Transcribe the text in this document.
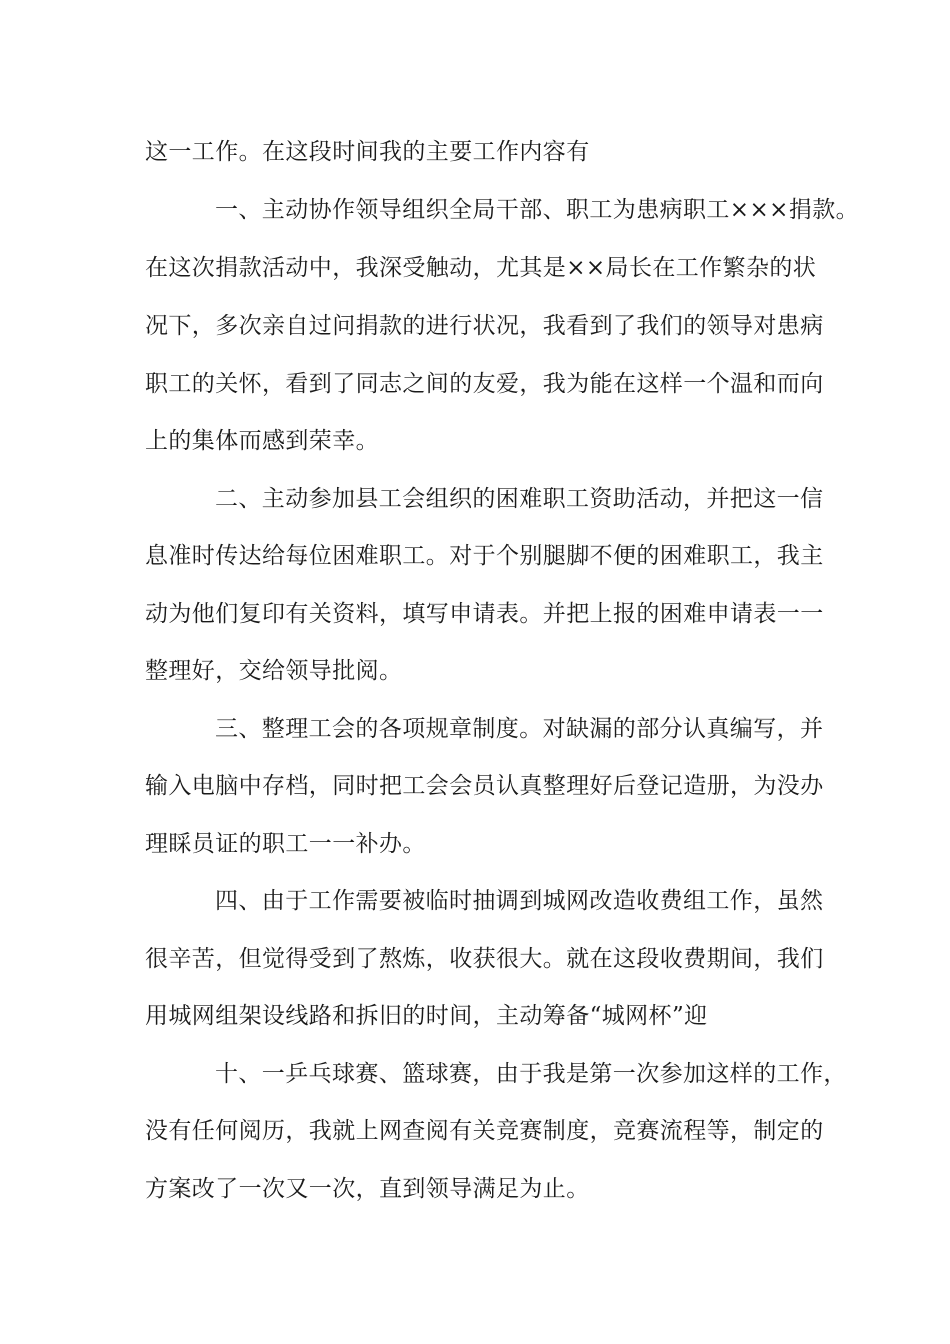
这一工作。在这段时间我的主要工作内容有
一、主动协作领导组织全局干部、职工为患病职工×××捐款。
在这次捐款活动中，我深受触动，尤其是××局长在工作繁杂的状
况下，多次亲自过问捐款的进行状况，我看到了我们的领导对患病
职工的关怀，看到了同志之间的友爱，我为能在这样一个温和而向
上的集体而感到荣幸。
二、主动参加县工会组织的困难职工资助活动，并把这一信
息准时传达给每位困难职工。对于个别腿脚不便的困难职工，我主
动为他们复印有关资料，填写申请表。并把上报的困难申请表一一
整理好，交给领导批阅。
三、整理工会的各项规章制度。对缺漏的部分认真编写，并
输入电脑中存档，同时把工会会员认真整理好后登记造册，为没办
理睬员证的职工一一补办。
四、由于工作需要被临时抽调到城网改造收费组工作，虽然
很辛苦，但觉得受到了熬炼，收获很大。就在这段收费期间，我们
用城网组架设线路和拆旧的时间，主动筹备“城网杯”迎
十、一乒乓球赛、篮球赛，由于我是第一次参加这样的工作，
没有任何阅历，我就上网查阅有关竞赛制度，竞赛流程等，制定的
方案改了一次又一次，直到领导满足为止。
